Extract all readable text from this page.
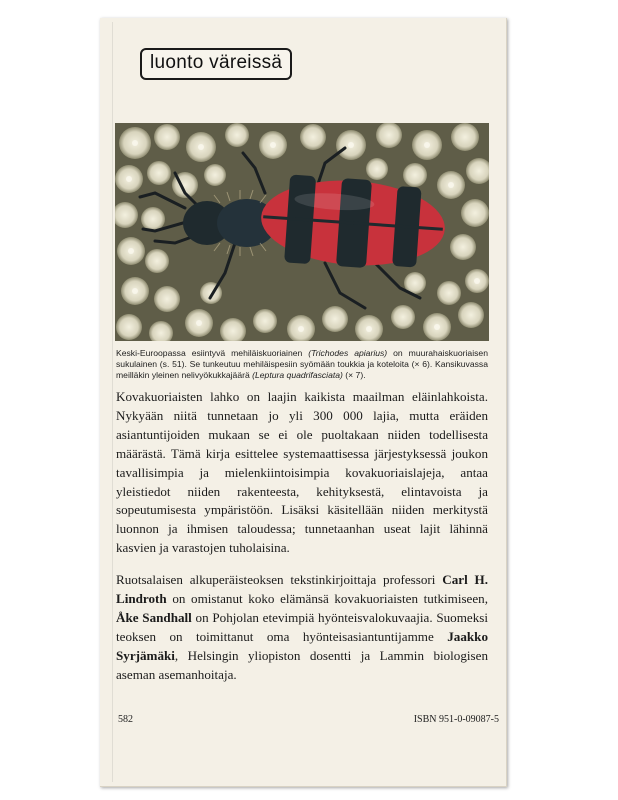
luonto väreissä
Keski-Euroopassa esiintyvä mehiläiskuoriainen (Trichodes apiarius) on muurahaiskuoriaisen sukulainen (s. 51). Se tunkeutuu mehiläispesiin syömään toukkia ja koteloita (× 6). Kansikuvassa meilläkin yleinen nelivyökukkajäärä (Leptura quadrifasciata) (× 7).

Kovakuoriaisten lahko on laajin kaikista maailman eläinlahkoista. Nykyään niitä tunnetaan jo yli 300 000 lajia, mutta eräiden asiantuntijoiden mukaan se ei ole puoltakaan niiden todellisesta määrästä. Tämä kirja esittelee systemaattisessa järjestyksessä joukon tavallisimpia ja mielenkiintoisimpia kovakuoriaislajeja, antaa yleistiedot niiden rakenteesta, kehityksestä, elintavoista ja sopeutumisesta ympäristöön. Lisäksi käsitellään niiden merkitystä luonnon ja ihmisen taloudessa; tunnetaanhan useat lajit lähinnä kasvien ja varastojen tuholaisina.

Ruotsalaisen alkuperäisteoksen tekstinkirjoittaja professori Carl H. Lindroth on omistanut koko elämänsä kovakuoriaisten tutkimiseen, Åke Sandhall on Pohjolan etevimpiä hyönteisvalokuvaajia. Suomeksi teoksen on toimittanut oma hyönteisasiantuntijamme Jaakko Syrjämäki, Helsingin yliopiston dosentti ja Lammin biologisen aseman asemanhoitaja.

582	ISBN 951-0-09087-5
